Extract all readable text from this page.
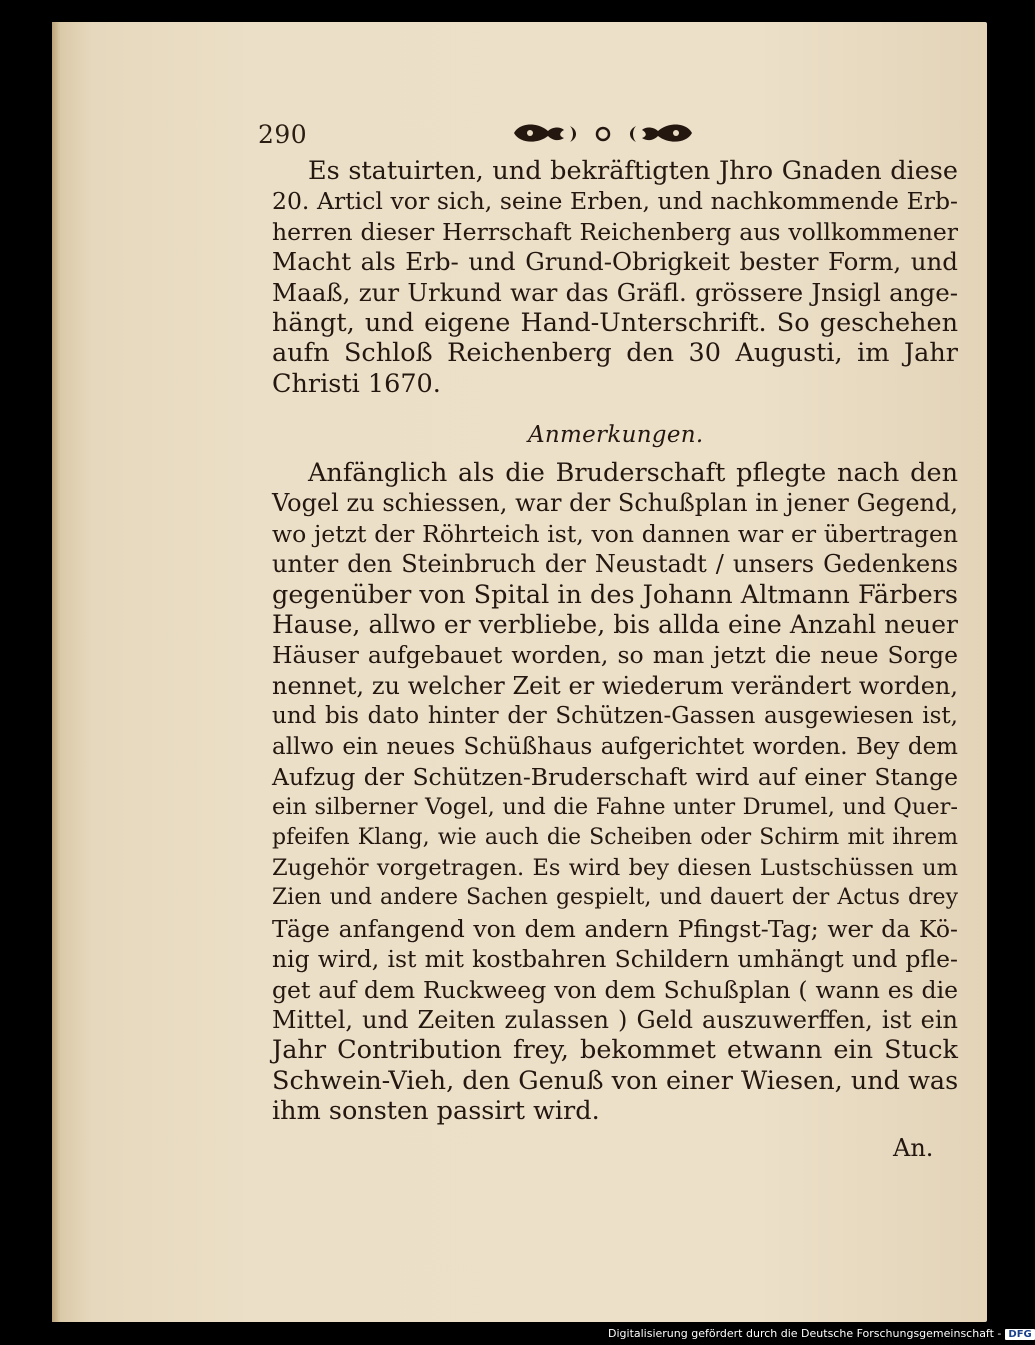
290
Es statuirten, und bekräftigten Jhro Gnaden diese
20. Articl vor sich, seine Erben, und nachkommende Erb-
herren dieser Herrschaft Reichenberg aus vollkommener
Macht als Erb- und Grund-Obrigkeit bester Form, und
Maaß, zur Urkund war das Gräfl. grössere Jnsigl ange-
hängt, und eigene Hand-Unterschrift. So geschehen
aufn Schloß Reichenberg den 30 Augusti, im Jahr
Christi 1670.
Anmerkungen.
Anfänglich als die Bruderschaft pflegte nach den
Vogel zu schiessen, war der Schußplan in jener Gegend,
wo jetzt der Röhrteich ist, von dannen war er übertragen
unter den Steinbruch der Neustadt / unsers Gedenkens
gegenüber von Spital in des Johann Altmann Färbers
Hause, allwo er verbliebe, bis allda eine Anzahl neuer
Häuser aufgebauet worden, so man jetzt die neue Sorge
nennet, zu welcher Zeit er wiederum verändert worden,
und bis dato hinter der Schützen-Gassen ausgewiesen ist,
allwo ein neues Schüßhaus aufgerichtet worden. Bey dem
Aufzug der Schützen-Bruderschaft wird auf einer Stange
ein silberner Vogel, und die Fahne unter Drumel, und Quer-
pfeifen Klang, wie auch die Scheiben oder Schirm mit ihrem
Zugehör vorgetragen. Es wird bey diesen Lustschüssen um
Zien und andere Sachen gespielt, und dauert der Actus drey
Täge anfangend von dem andern Pfingst-Tag; wer da Kö-
nig wird, ist mit kostbahren Schildern umhängt und pfle-
get auf dem Ruckweeg von dem Schußplan ( wann es die
Mittel, und Zeiten zulassen ) Geld auszuwerffen, ist ein
Jahr Contribution frey, bekommet etwann ein Stuck
Schwein-Vieh, den Genuß von einer Wiesen, und was
ihm sonsten passirt wird.
An.
Digitalisierung gefördert durch die Deutsche Forschungsgemeinschaft - DFG
